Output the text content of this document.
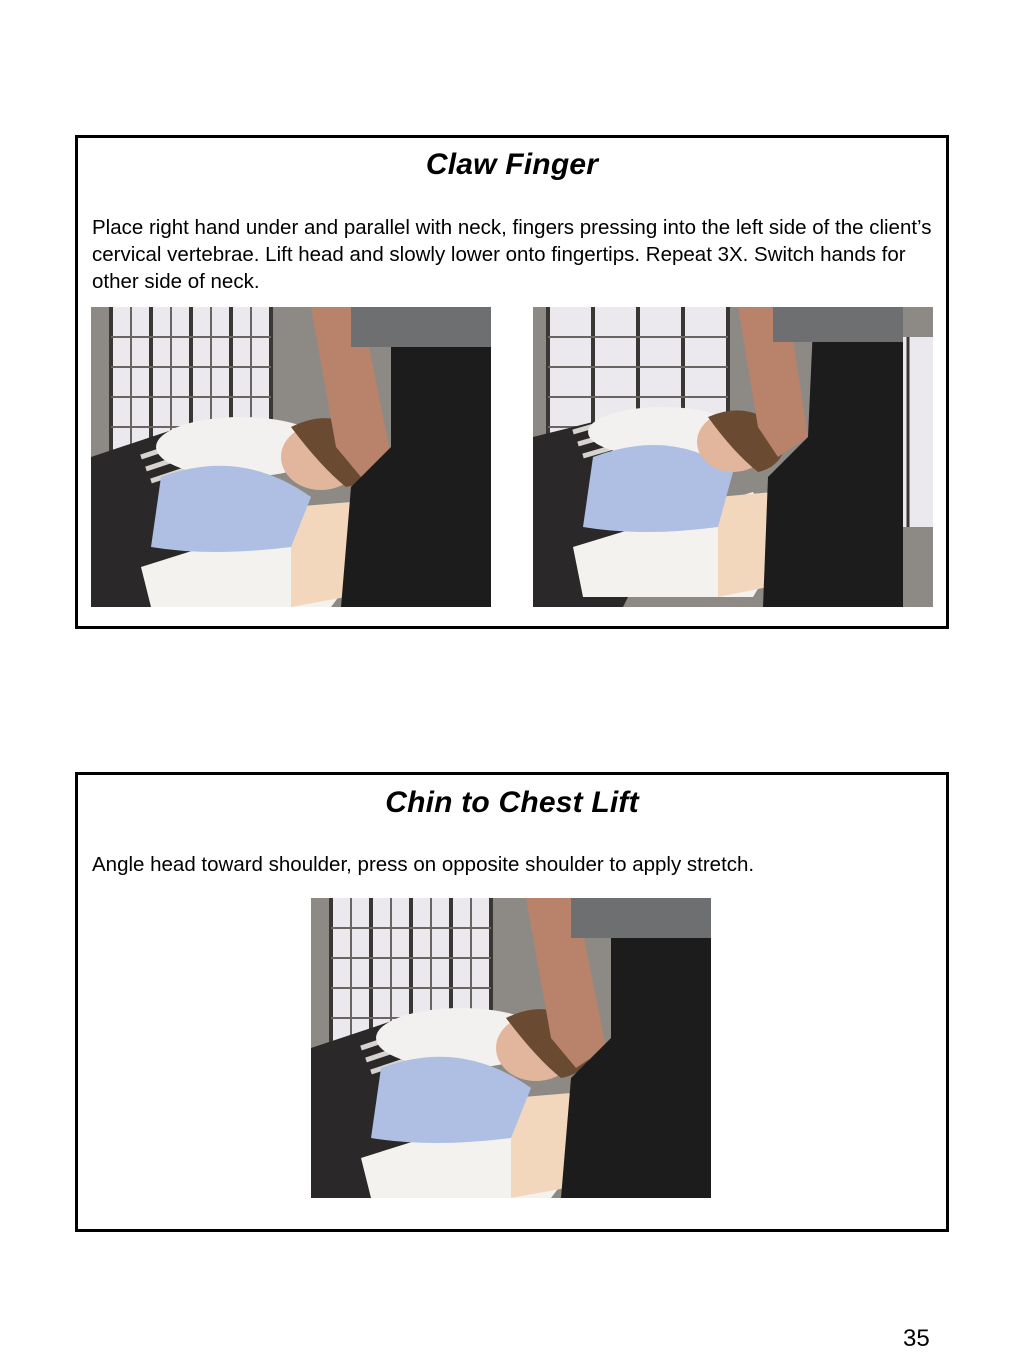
Claw Finger
Place right hand under and parallel with neck, fingers pressing into the left side of the client’s cervical vertebrae. Lift head and slowly lower onto fingertips. Repeat 3X. Switch hands for other side of neck.
Chin to Chest Lift
Angle head toward shoulder, press on opposite shoulder to apply stretch.
35
